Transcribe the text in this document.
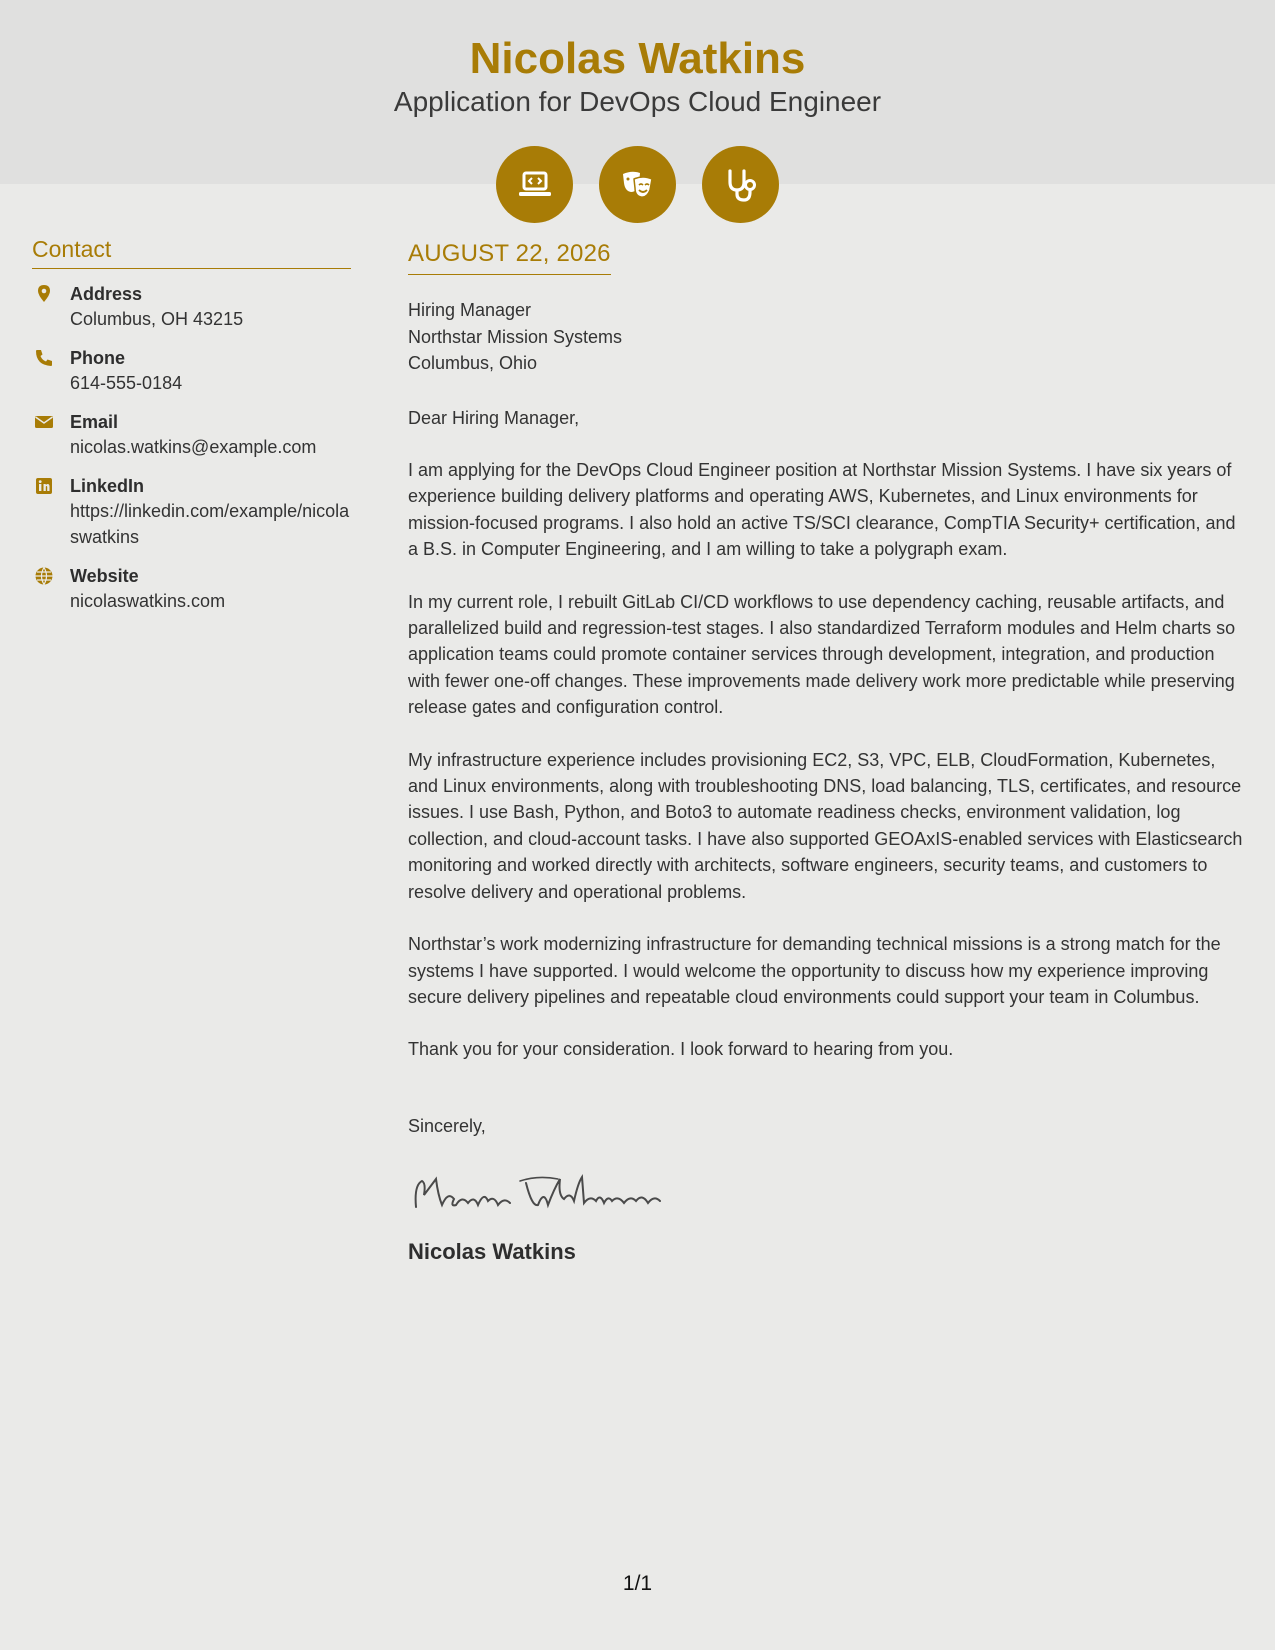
Nicolas Watkins
Application for DevOps Cloud Engineer
Contact
Address
Columbus, OH 43215
Phone
614-555-0184
Email
nicolas.watkins@example.com
LinkedIn
https://linkedin.com/example/nicolaswatkins
Website
nicolaswatkins.com
AUGUST 22, 2026
Hiring Manager
Northstar Mission Systems
Columbus, Ohio
Dear Hiring Manager,
I am applying for the DevOps Cloud Engineer position at Northstar Mission Systems. I have six years of experience building delivery platforms and operating AWS, Kubernetes, and Linux environments for mission-focused programs. I also hold an active TS/SCI clearance, CompTIA Security+ certification, and a B.S. in Computer Engineering, and I am willing to take a polygraph exam.
In my current role, I rebuilt GitLab CI/CD workflows to use dependency caching, reusable artifacts, and parallelized build and regression-test stages. I also standardized Terraform modules and Helm charts so application teams could promote container services through development, integration, and production with fewer one-off changes. These improvements made delivery work more predictable while preserving release gates and configuration control.
My infrastructure experience includes provisioning EC2, S3, VPC, ELB, CloudFormation, Kubernetes, and Linux environments, along with troubleshooting DNS, load balancing, TLS, certificates, and resource issues. I use Bash, Python, and Boto3 to automate readiness checks, environment validation, log collection, and cloud-account tasks. I have also supported GEOAxIS-enabled services with Elasticsearch monitoring and worked directly with architects, software engineers, security teams, and customers to resolve delivery and operational problems.
Northstar’s work modernizing infrastructure for demanding technical missions is a strong match for the systems I have supported. I would welcome the opportunity to discuss how my experience improving secure delivery pipelines and repeatable cloud environments could support your team in Columbus.
Thank you for your consideration. I look forward to hearing from you.
Sincerely,
Nicolas Watkins
1/1
